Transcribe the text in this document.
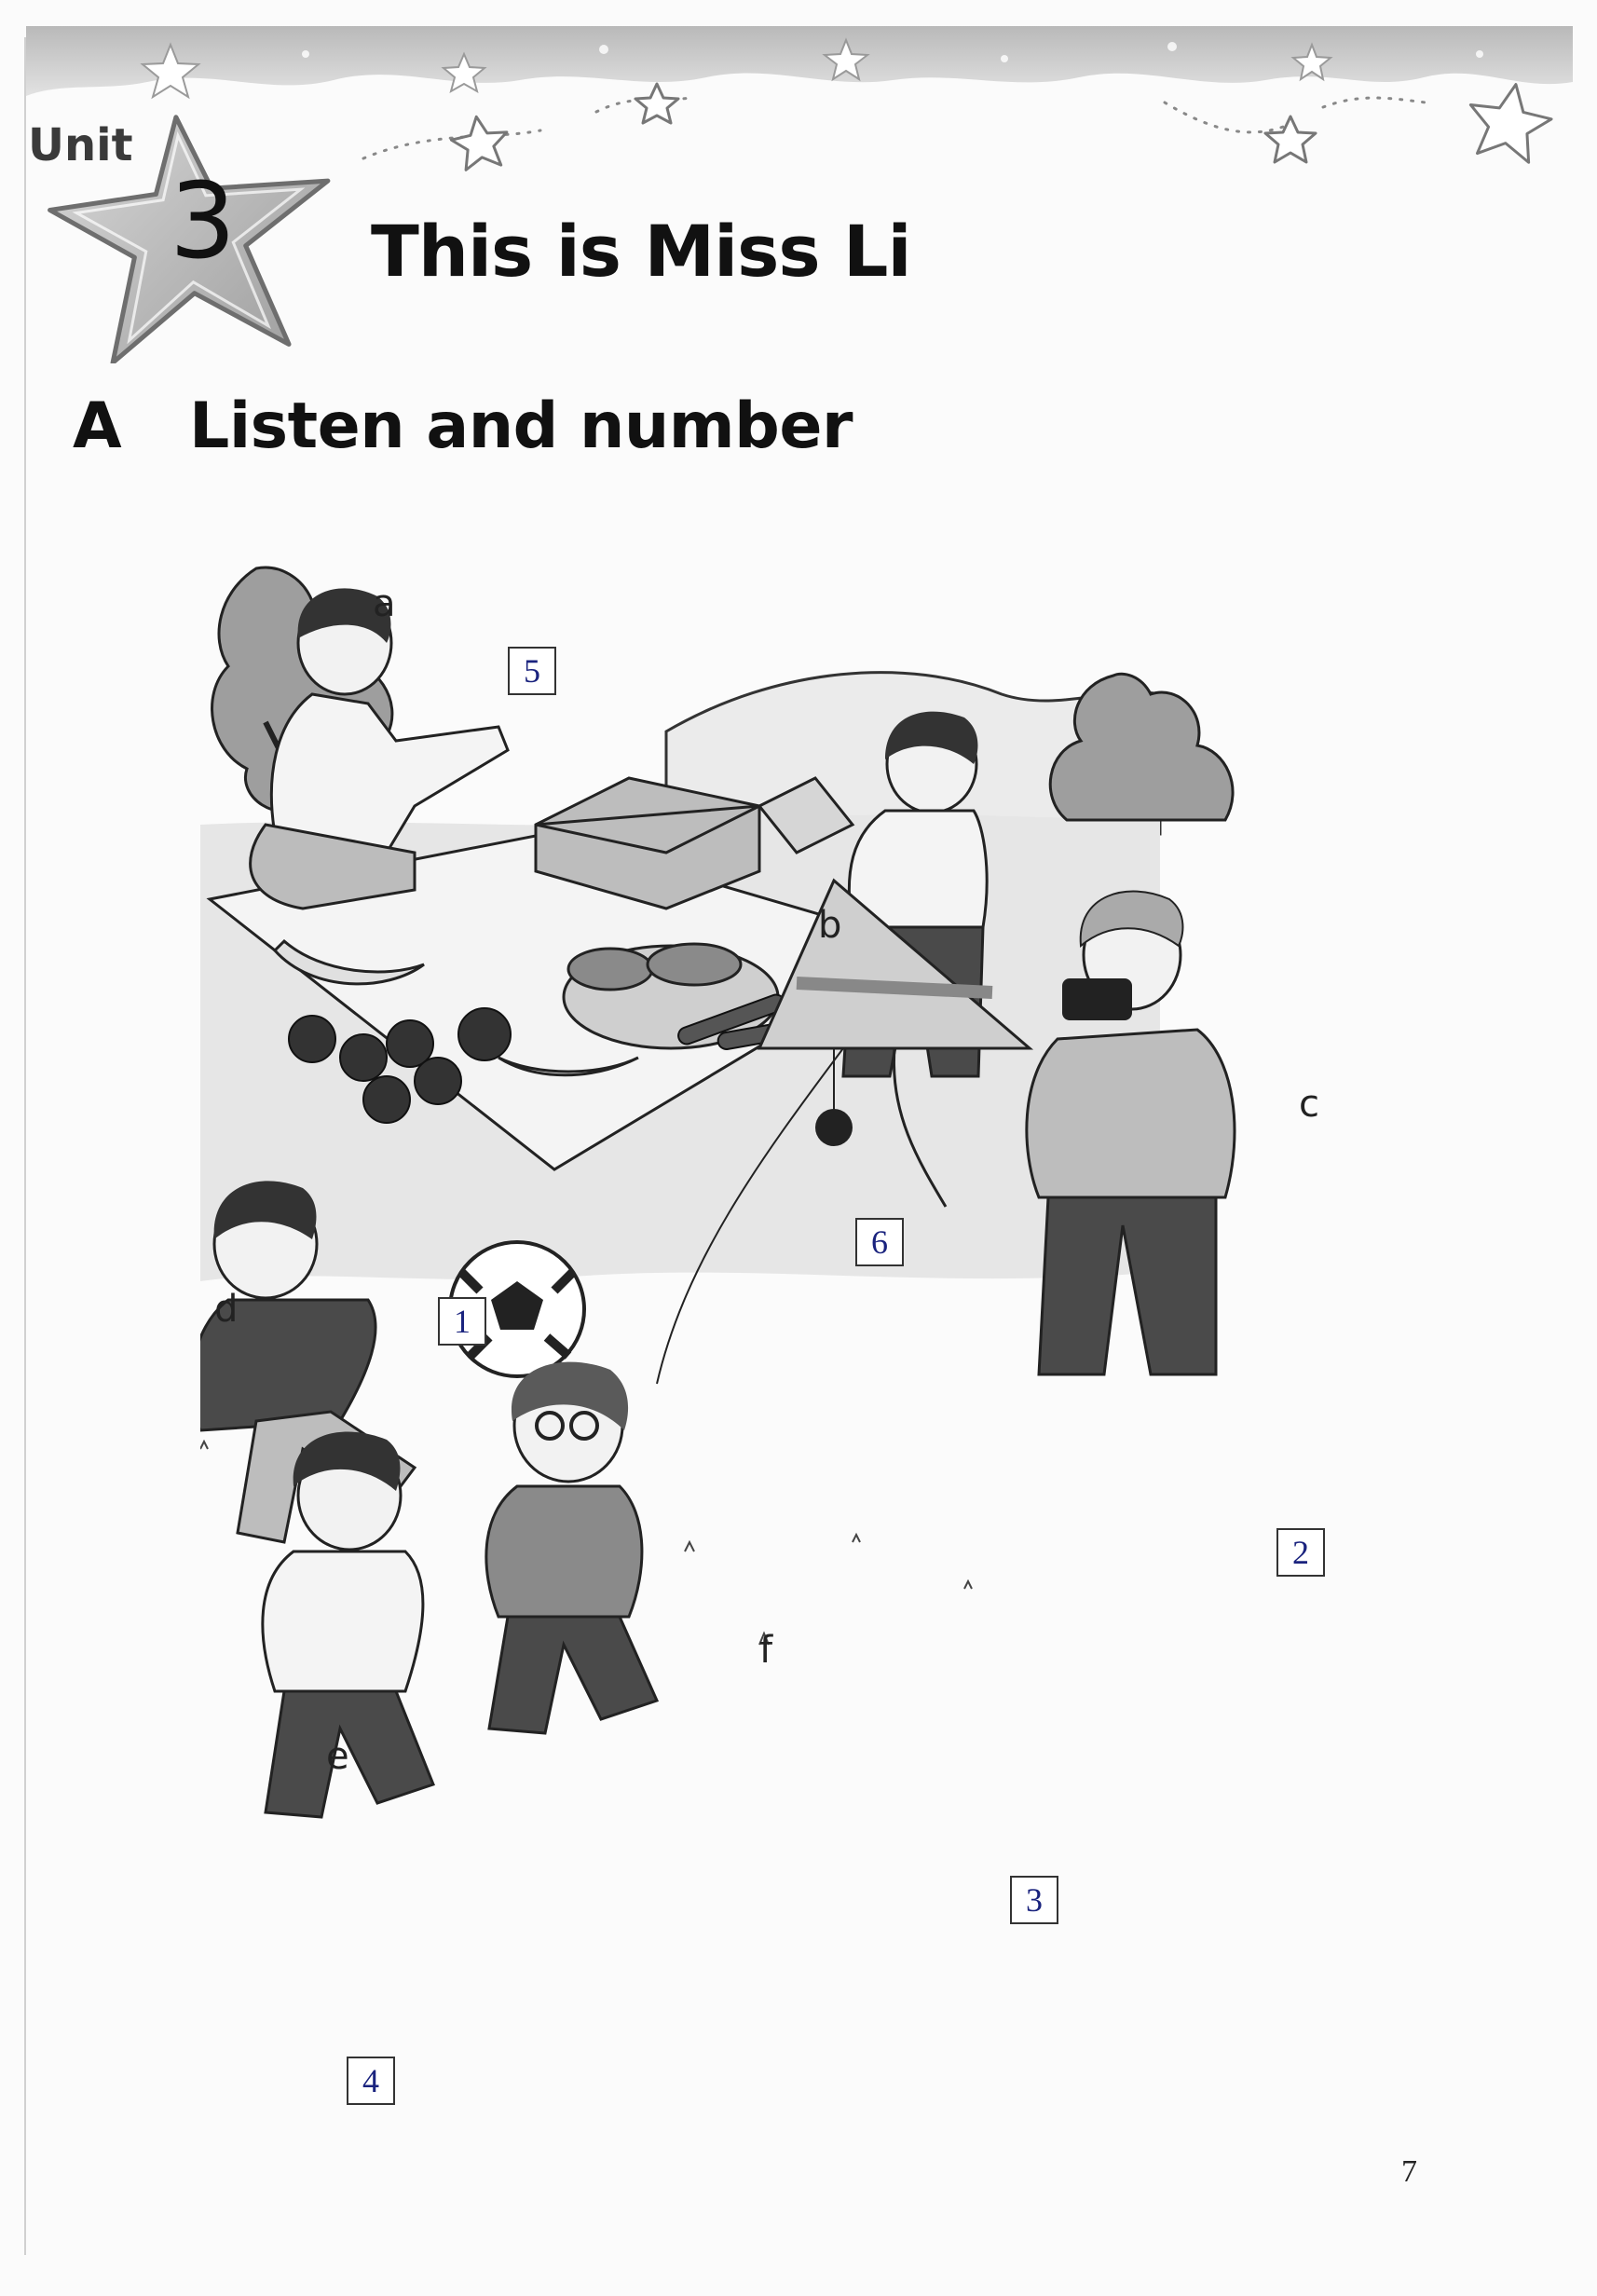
Unit
3 This is Miss Li
A Listen and number
a
b
c
d
e
f
5
6
2
1
4
3
7
